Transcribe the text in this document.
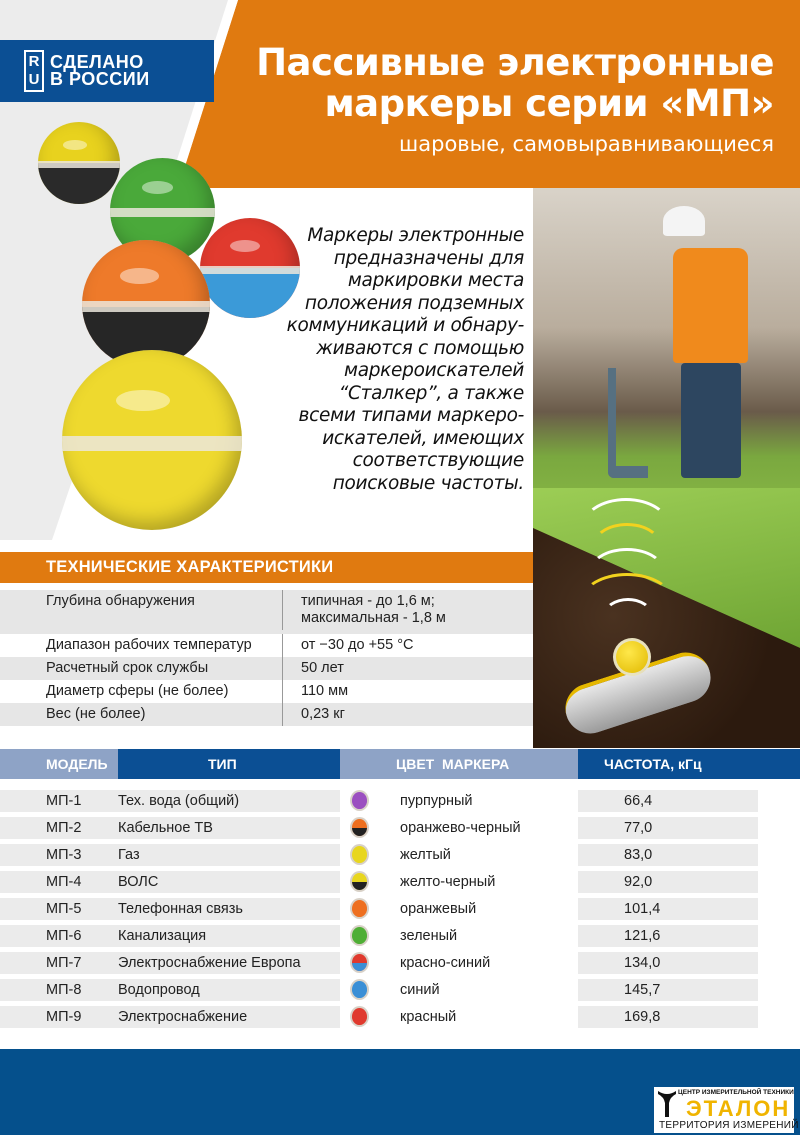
R
U
СДЕЛАНО
В РОССИИ	Пассивные электронные
маркеры серии «МП»
шаровые, самовыравнивающиеся
Маркеры электронные
предназначены для
маркировки места
положения подземных
коммуникаций и обнару-
живаются с помощью
маркероискателей
“Сталкер”, а также
всеми типами маркеро-
искателей, имеющих
соответствующие
поисковые частоты.
ТЕХНИЧЕСКИЕ ХАРАКТЕРИСТИКИ
Глубина обнаружения	типичная - до 1,6 м;
максимальная - 1,8 м
Диапазон рабочих температур	от −30 до +55 °С
Расчетный срок службы	50 лет
Диаметр сферы (не более)	110 мм
Вес (не более)	0,23 кг
МОДЕЛЬ	ТИП	ЦВЕТ  МАРКЕРА	ЧАСТОТА, кГц
МП-1	Тех. вода (общий)	пурпурный	66,4
МП-2	Кабельное ТВ	оранжево-черный	77,0
МП-3	Газ	желтый	83,0
МП-4	ВОЛС	желто-черный	92,0
МП-5	Телефонная связь	оранжевый	101,4
МП-6	Канализация	зеленый	121,6
МП-7	Электроснабжение Европа	красно-синий	134,0
МП-8	Водопровод	синий	145,7
МП-9	Электроснабжение	красный	169,8
ЦЕНТР ИЗМЕРИТЕЛЬНОЙ ТЕХНИКИ
ЭТАЛОН
ТЕРРИТОРИЯ ИЗМЕРЕНИЙ
